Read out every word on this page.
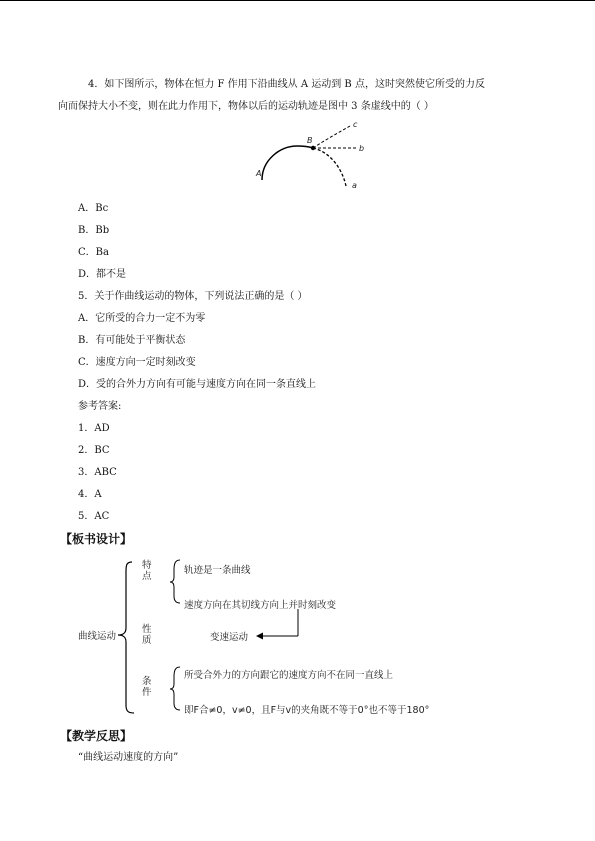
4．如下图所示，物体在恒力 F 作用下沿曲线从 A 运动到 B 点，这时突然使它所受的力反
向而保持大小不变，则在此力作用下，物体以后的运动轨迹是图中 3 条虚线中的（ ）
A
B
a
b
c
A．Bc
B．Bb
C．Ba
D．都不是
5．关于作曲线运动的物体，下列说法正确的是（ ）
A．它所受的合力一定不为零
B．有可能处于平衡状态
C．速度方向一定时刻改变
D．受的合外力方向有可能与速度方向在同一条直线上
参考答案:
1．AD
2．BC
3．ABC
4．A
5．AC
【板书设计】
曲线运动
特点
轨迹是一条曲线
速度方向在其切线方向上并时刻改变
性质	变速运动
条件
所受合外力的方向跟它的速度方向不在同一直线上
即F合≠0，v≠0，且F与v的夹角既不等于0°也不等于180°
【教学反思】
“曲线运动速度的方向”
